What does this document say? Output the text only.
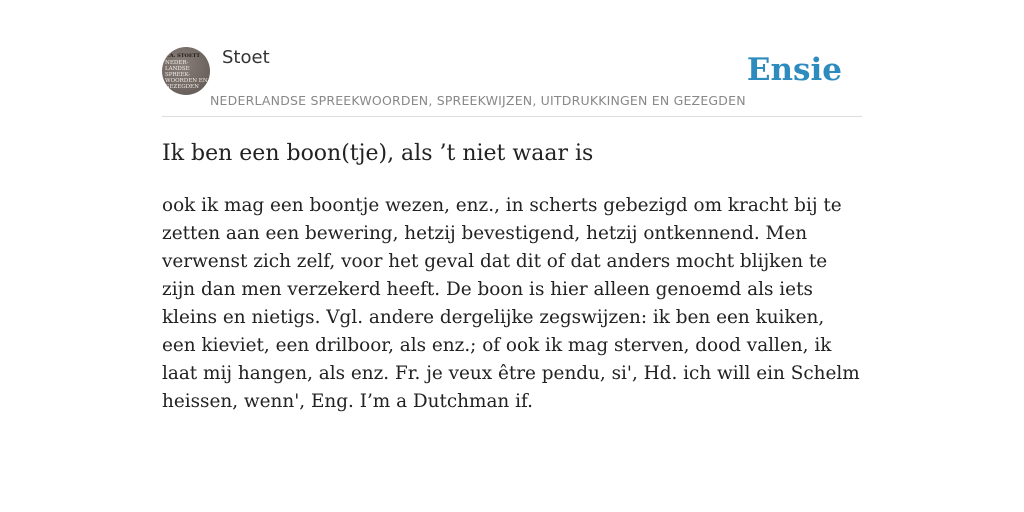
F.A. STOETT
NEDER-
LANDSE
SPREEK-
WOORDEN EN
GEZEGDEN
Stoet
NEDERLANDSE SPREEKWOORDEN, SPREEKWIJZEN, UITDRUKKINGEN EN GEZEGDEN
Ensie
Ik ben een boon(tje), als ’t niet waar is

ook ik mag een boontje wezen, enz., in scherts gebezigd om kracht bij te zetten aan een bewering, hetzij bevestigend, hetzij ontkennend. Men verwenst zich zelf, voor het geval dat dit of dat anders mocht blijken te zijn dan men verzekerd heeft. De boon is hier alleen genoemd als iets kleins en nietigs. Vgl. andere dergelijke zegswijzen: ik ben een kuiken, een kieviet, een drilboor, als enz.; of ook ik mag sterven, dood vallen, ik laat mij hangen, als enz. Fr. je veux être pendu, si', Hd. ich will ein Schelm heissen, wenn', Eng. I’m a Dutchman if.
